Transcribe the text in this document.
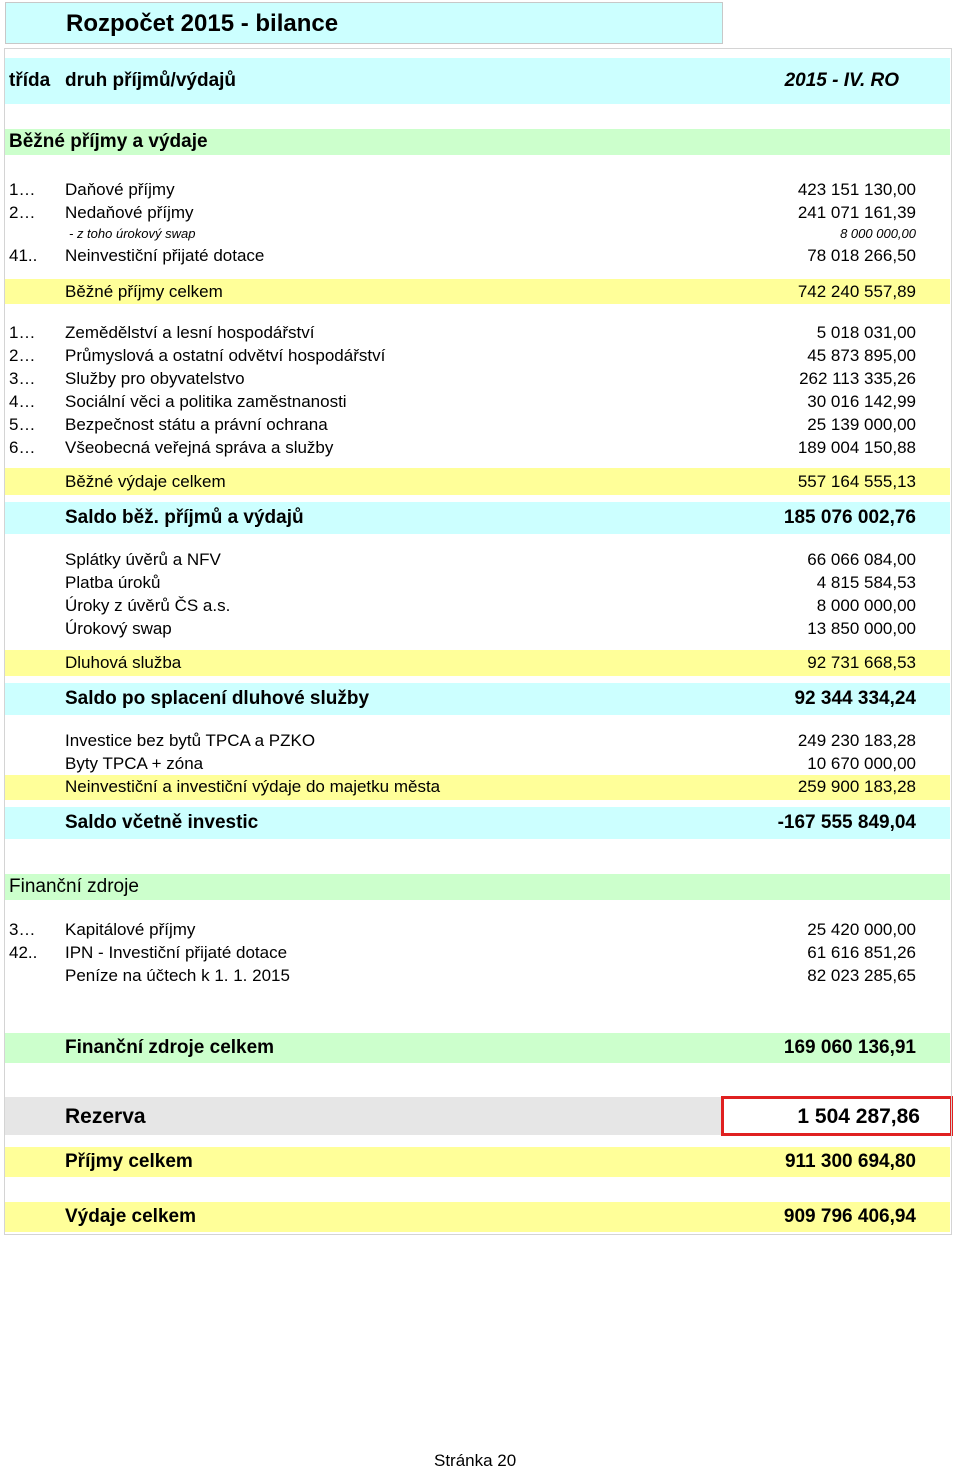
Rozpočet 2015 - bilance
třída druh příjmů/výdajů	2015 - IV. RO
Běžné příjmy a výdaje
1… Daňové příjmy	423 151 130,00
2… Nedaňové příjmy	241 071 161,39
- z toho úrokový swap	8 000 000,00
41.. Neinvestiční přijaté dotace	78 018 266,50
Běžné příjmy celkem	742 240 557,89
1… Zemědělství a lesní hospodářství	5 018 031,00
2… Průmyslová a ostatní odvětví hospodářství	45 873 895,00
3… Služby pro obyvatelstvo	262 113 335,26
4… Sociální věci a politika zaměstnanosti	30 016 142,99
5… Bezpečnost státu a právní ochrana	25 139 000,00
6… Všeobecná veřejná správa a služby	189 004 150,88
Běžné výdaje celkem	557 164 555,13
Saldo běž. příjmů a výdajů	185 076 002,76
Splátky úvěrů a NFV	66 066 084,00
Platba úroků	4 815 584,53
Úroky z úvěrů ČS a.s.	8 000 000,00
Úrokový swap	13 850 000,00
Dluhová služba	92 731 668,53
Saldo po splacení dluhové služby	92 344 334,24
Investice bez bytů TPCA a PZKO	249 230 183,28
Byty TPCA + zóna	10 670 000,00
Neinvestiční a investiční výdaje do majetku města	259 900 183,28
Saldo včetně investic	-167 555 849,04
Finanční zdroje
3… Kapitálové příjmy	25 420 000,00
42.. IPN - Investiční přijaté dotace	61 616 851,26
Peníze na účtech k 1. 1. 2015	82 023 285,65
Finanční zdroje celkem	169 060 136,91
Rezerva	1 504 287,86
Příjmy celkem	911 300 694,80
Výdaje celkem	909 796 406,94
Stránka 20
